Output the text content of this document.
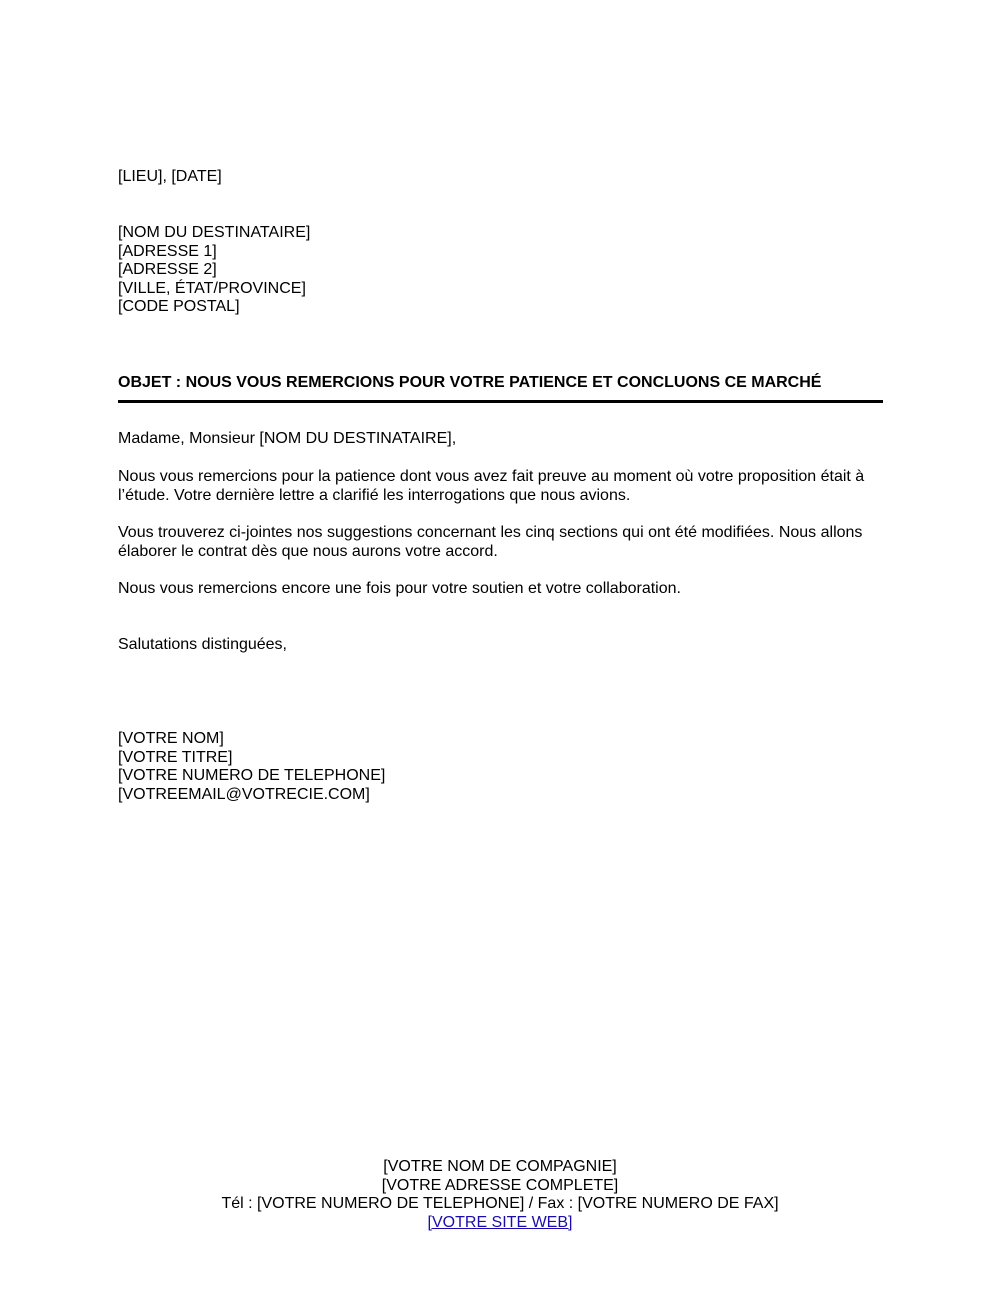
[LIEU], [DATE]
[NOM DU DESTINATAIRE]
[ADRESSE 1]
[ADRESSE 2]
[VILLE, ÉTAT/PROVINCE]
[CODE POSTAL]
OBJET : NOUS VOUS REMERCIONS POUR VOTRE PATIENCE ET CONCLUONS CE MARCHÉ
Madame, Monsieur [NOM DU DESTINATAIRE],
Nous vous remercions pour la patience dont vous avez fait preuve au moment où votre proposition était à l’étude. Votre dernière lettre a clarifié les interrogations que nous avions.
Vous trouverez ci-jointes nos suggestions concernant les cinq sections qui ont été modifiées. Nous allons élaborer le contrat dès que nous aurons votre accord.
Nous vous remercions encore une fois pour votre soutien et votre collaboration.
Salutations distinguées,
[VOTRE NOM]
[VOTRE TITRE]
[VOTRE NUMERO DE TELEPHONE]
[VOTREEMAIL@VOTRECIE.COM]
[VOTRE NOM DE COMPAGNIE]
[VOTRE ADRESSE COMPLETE]
Tél : [VOTRE NUMERO DE TELEPHONE] / Fax : [VOTRE NUMERO DE FAX]
[VOTRE SITE WEB]
